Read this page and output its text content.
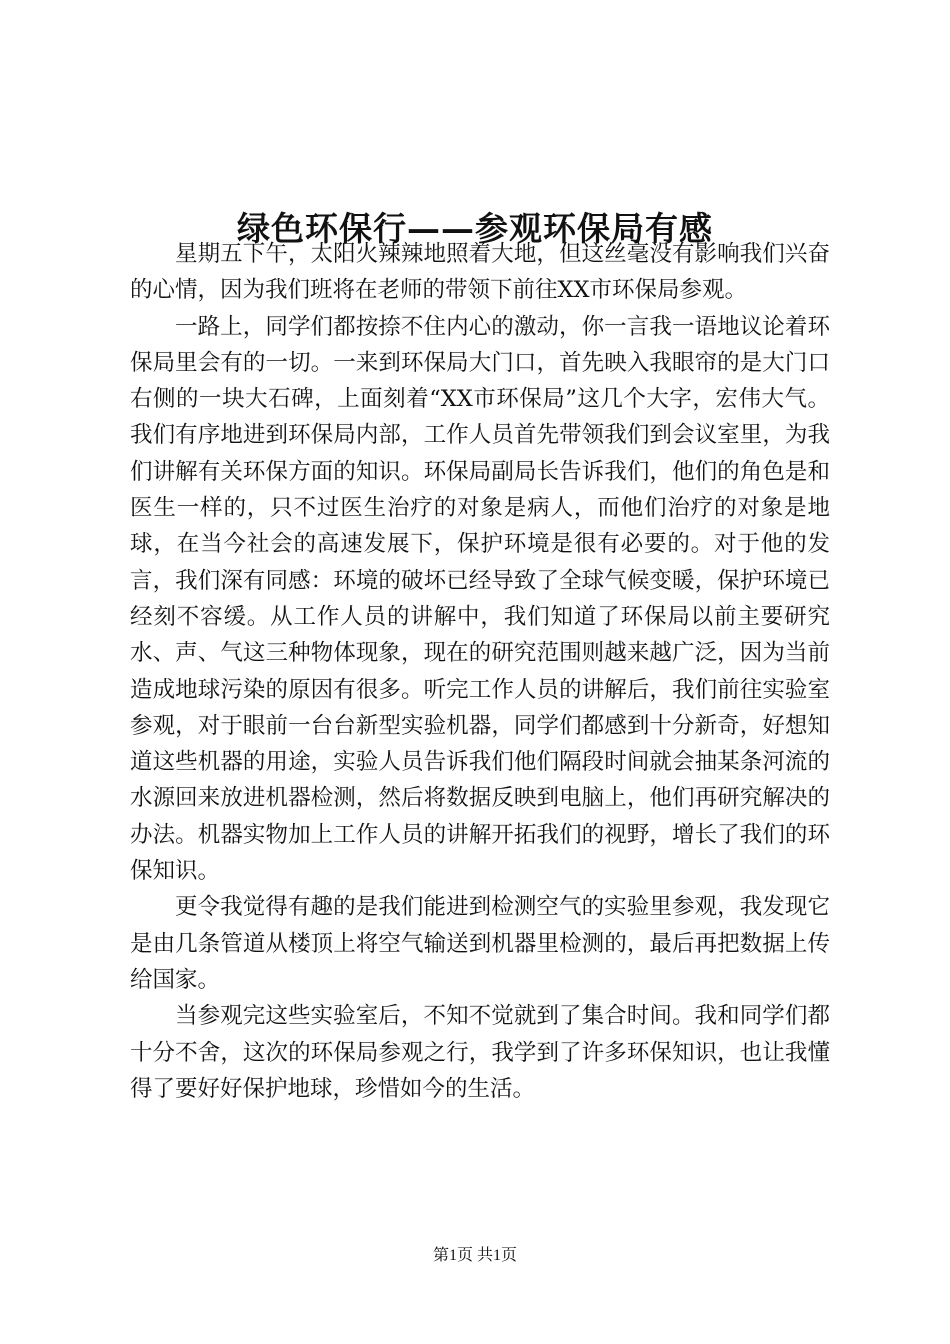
绿色环保行——参观环保局有感

星期五下午，太阳火辣辣地照着大地，但这丝毫没有影响我们兴奋的心情，因为我们班将在老师的带领下前往XX市环保局参观。

一路上，同学们都按捺不住内心的激动，你一言我一语地议论着环保局里会有的一切。一来到环保局大门口，首先映入我眼帘的是大门口右侧的一块大石碑，上面刻着“XX市环保局”这几个大字，宏伟大气。我们有序地进到环保局内部，工作人员首先带领我们到会议室里，为我们讲解有关环保方面的知识。环保局副局长告诉我们，他们的角色是和医生一样的，只不过医生治疗的对象是病人，而他们治疗的对象是地球，在当今社会的高速发展下，保护环境是很有必要的。对于他的发言，我们深有同感：环境的破坏已经导致了全球气候变暖，保护环境已经刻不容缓。从工作人员的讲解中，我们知道了环保局以前主要研究水、声、气这三种物体现象，现在的研究范围则越来越广泛，因为当前造成地球污染的原因有很多。听完工作人员的讲解后，我们前往实验室参观，对于眼前一台台新型实验机器，同学们都感到十分新奇，好想知道这些机器的用途，实验人员告诉我们他们隔段时间就会抽某条河流的水源回来放进机器检测，然后将数据反映到电脑上，他们再研究解决的办法。机器实物加上工作人员的讲解开拓我们的视野，增长了我们的环保知识。

更令我觉得有趣的是我们能进到检测空气的实验里参观，我发现它是由几条管道从楼顶上将空气输送到机器里检测的，最后再把数据上传给国家。

当参观完这些实验室后，不知不觉就到了集合时间。我和同学们都十分不舍，这次的环保局参观之行，我学到了许多环保知识，也让我懂得了要好好保护地球，珍惜如今的生活。

第1页 共1页
